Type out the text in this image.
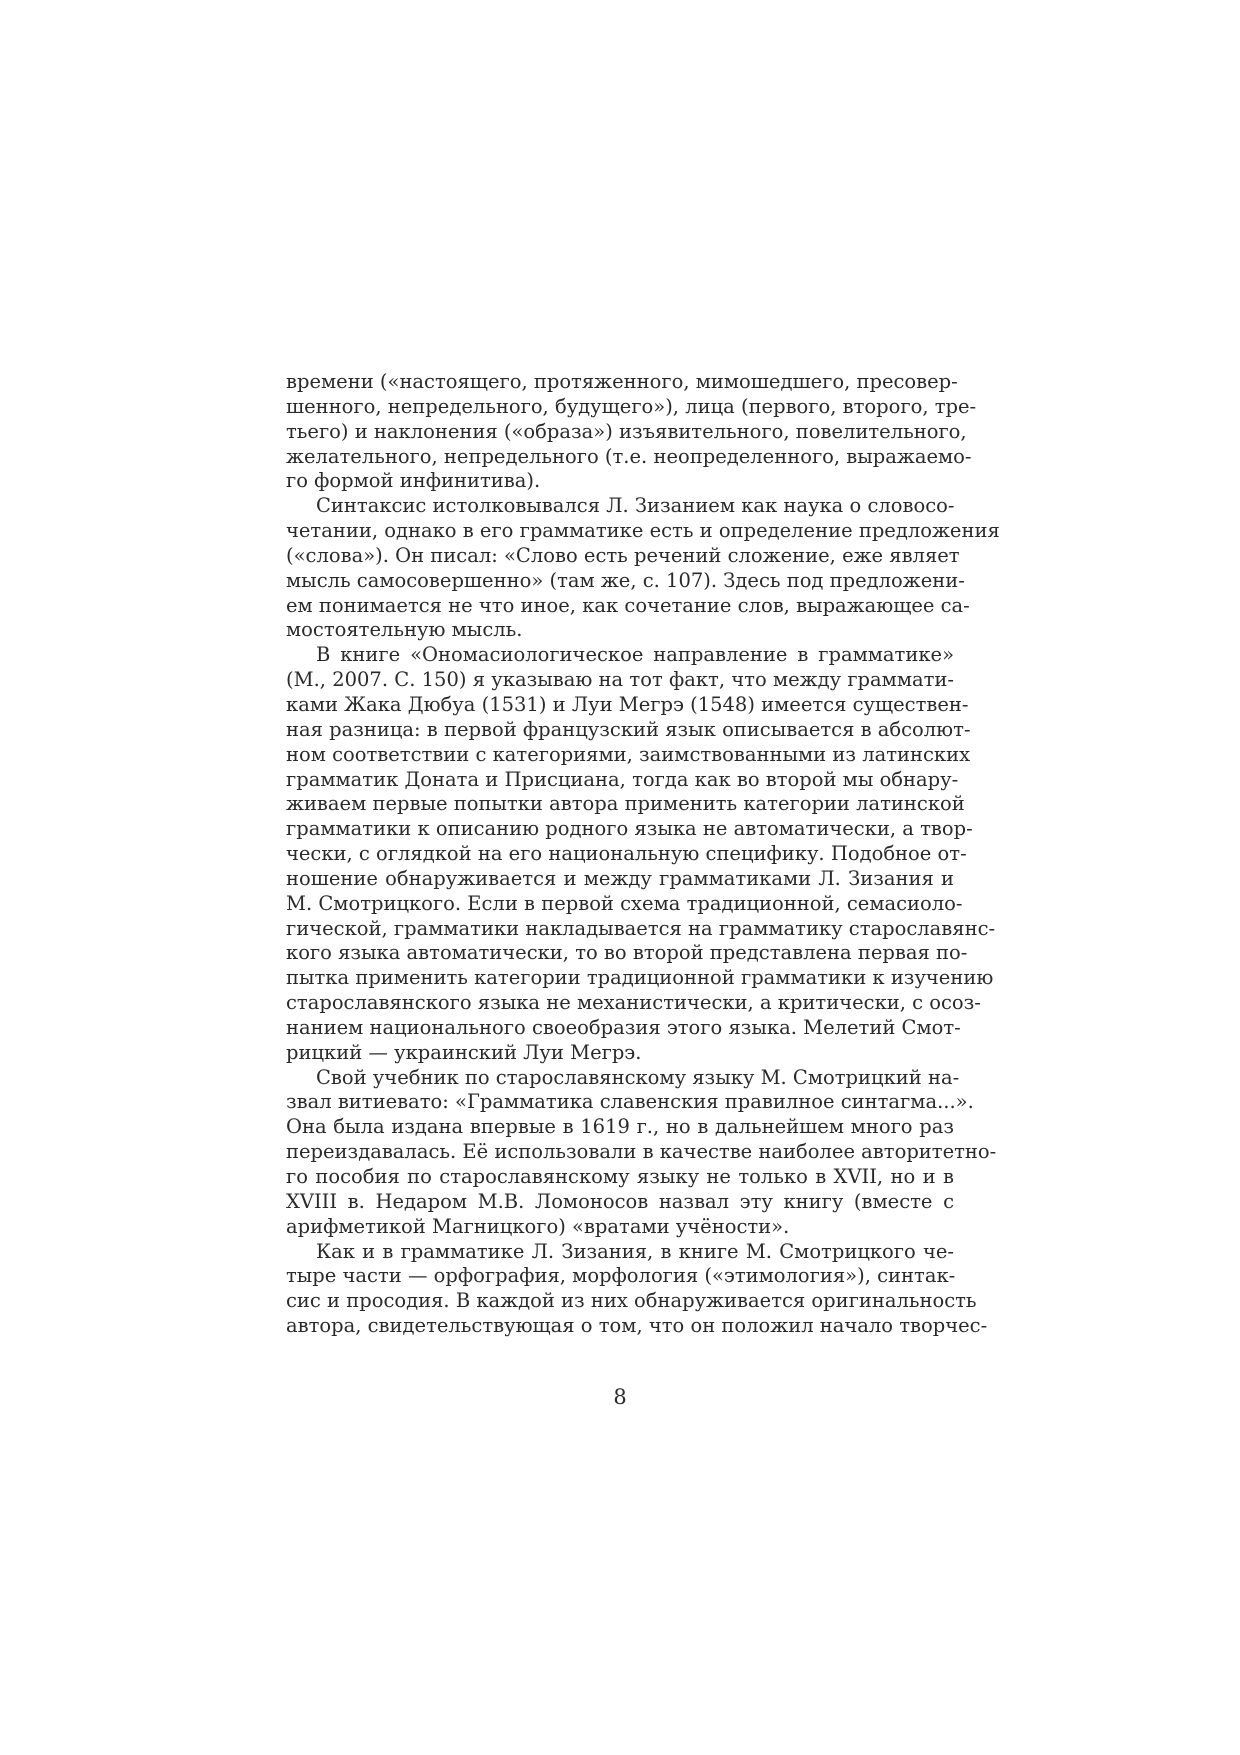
времени («настоящего, протяженного, мимошедшего, пресовер-
шенного, непредельного, будущего»), лица (первого, второго, тре-
тьего) и наклонения («образа») изъявительного, повелительного,
желательного, непредельного (т.е. неопределенного, выражаемо-
го формой инфинитива).
Синтаксис истолковывался Л. Зизанием как наука о словосо-
четании, однако в его грамматике есть и определение предложения
(«слова»). Он писал: «Слово есть речений сложение, еже являет
мысль самосовершенно» (там же, с. 107). Здесь под предложени-
ем понимается не что иное, как сочетание слов, выражающее са-
мостоятельную мысль.
В книге «Ономасиологическое направление в грамматике»
(М., 2007. С. 150) я указываю на тот факт, что между граммати-
ками Жака Дюбуа (1531) и Луи Мегрэ (1548) имеется существен-
ная разница: в первой французский язык описывается в абсолют-
ном соответствии с категориями, заимствованными из латинских
грамматик Доната и Присциана, тогда как во второй мы обнару-
живаем первые попытки автора применить категории латинской
грамматики к описанию родного языка не автоматически, а твор-
чески, с оглядкой на его национальную специфику. Подобное от-
ношение обнаруживается и между грамматиками Л. Зизания и
М. Смотрицкого. Если в первой схема традиционной, семасиоло-
гической, грамматики накладывается на грамматику старославянс-
кого языка автоматически, то во второй представлена первая по-
пытка применить категории традиционной грамматики к изучению
старославянского языка не механистически, а критически, с осоз-
нанием национального своеобразия этого языка. Мелетий Смот-
рицкий — украинский Луи Мегрэ.
Свой учебник по старославянскому языку М. Смотрицкий на-
звал витиевато: «Грамматика славенския правилное синтагма...».
Она была издана впервые в 1619 г., но в дальнейшем много раз
переиздавалась. Её использовали в качестве наиболее авторитетно-
го пособия по старославянскому языку не только в XVII, но и в
XVIII в. Недаром М.В. Ломоносов назвал эту книгу (вместе с
арифметикой Магницкого) «вратами учёности».
Как и в грамматике Л. Зизания, в книге М. Смотрицкого че-
тыре части — орфография, морфология («этимология»), синтак-
сис и просодия. В каждой из них обнаруживается оригинальность
автора, свидетельствующая о том, что он положил начало творчес-
8
